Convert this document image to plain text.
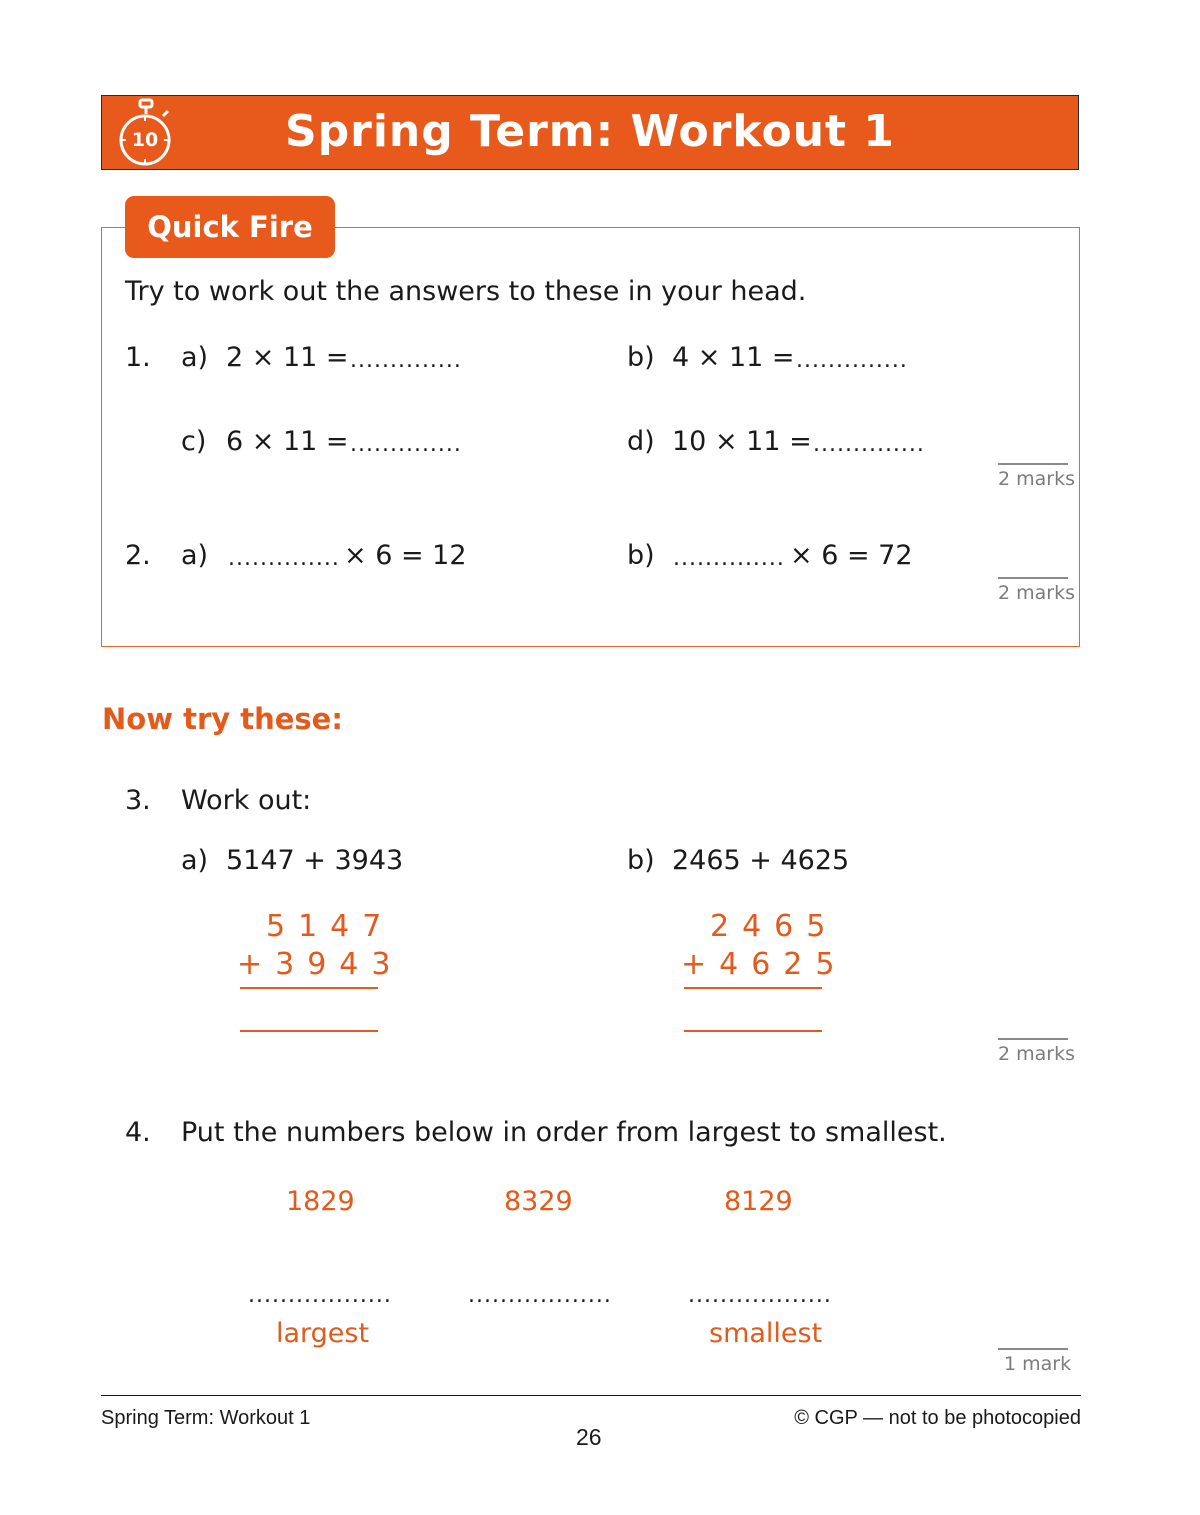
10	Spring Term: Workout 1
Quick Fire
Try to work out the answers to these in your head.
1. a) 2 × 11 = ..............	b) 4 × 11 = ..............
c) 6 × 11 = ..............	d) 10 × 11 = ..............
2 marks
2. a) .............. × 6 = 12	b) .............. × 6 = 72
2 marks
Now try these:
3. Work out:
a) 5147 + 3943	b) 2465 + 4625
5147
+3943
2465
+4625
2 marks
4. Put the numbers below in order from largest to smallest.
1829	8329	8129
..................	..................	..................
largest	smallest
1 mark
Spring Term: Workout 1
26
© CGP — not to be photocopied
